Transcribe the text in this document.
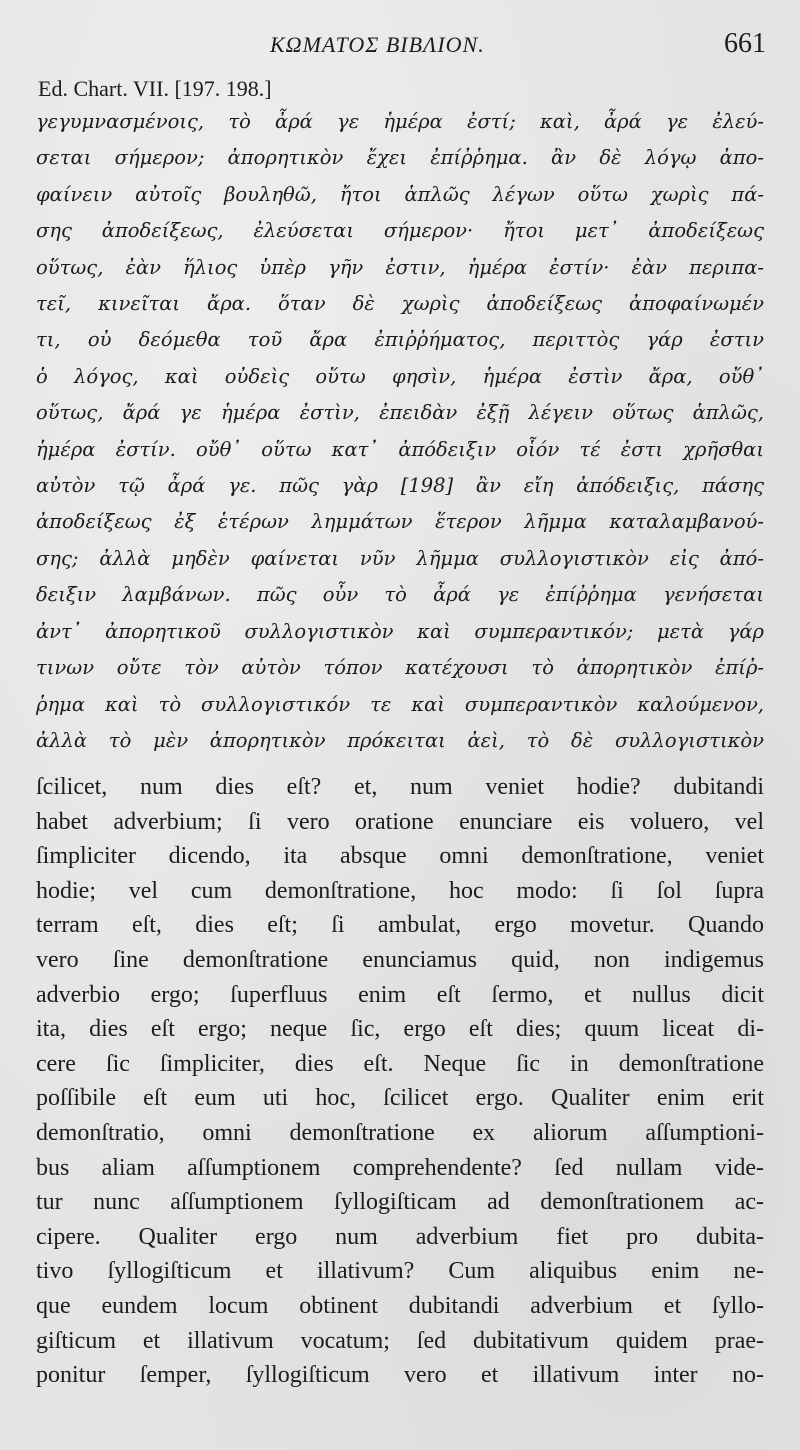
ΚΩΜΑΤΟΣ ΒΙΒΛΙΟΝ.	661
Ed. Chart. VII. [197. 198.]
γεγυμνασμένοις, τὸ ἆρά γε ἡμέρα ἐστί; καὶ, ἆρά γε ἐλεύ-
σεται σήμερον; ἀπορητικὸν ἔχει ἐπίῤῥημα. ἂν δὲ λόγῳ ἀπο-
φαίνειν αὐτοῖς βουληθῶ, ἤτοι ἁπλῶς λέγων οὕτω χωρὶς πά-
σης ἀποδείξεως, ἐλεύσεται σήμερον· ἤτοι μετ᾽ ἀποδείξεως
οὕτως, ἐὰν ἥλιος ὑπὲρ γῆν ἐστιν, ἡμέρα ἐστίν· ἐὰν περιπα-
τεῖ, κινεῖται ἄρα. ὅταν δὲ χωρὶς ἀποδείξεως ἀποφαίνωμέν
τι, οὐ δεόμεθα τοῦ ἄρα ἐπιῤῥήματος, περιττὸς γάρ ἐστιν
ὁ λόγος, καὶ οὐδεὶς οὕτω φησὶν, ἡμέρα ἐστὶν ἄρα, οὔθ᾽
οὕτως, ἄρά γε ἡμέρα ἐστὶν, ἐπειδὰν ἐξῇ λέγειν οὕτως ἁπλῶς,
ἡμέρα ἐστίν. οὔθ᾽ οὕτω κατ᾽ ἀπόδειξιν οἷόν τέ ἐστι χρῆσθαι
αὐτὸν τῷ ἆρά γε. πῶς γὰρ [198] ἂν εἴη ἀπόδειξις, πάσης
ἀποδείξεως ἐξ ἑτέρων λημμάτων ἕτερον λῆμμα καταλαμβανού-
σης; ἀλλὰ μηδὲν φαίνεται νῦν λῆμμα συλλογιστικὸν εἰς ἀπό-
δειξιν λαμβάνων. πῶς οὖν τὸ ἆρά γε ἐπίῤῥημα γενήσεται
ἀντ᾽ ἀπορητικοῦ συλλογιστικὸν καὶ συμπεραντικόν; μετὰ γάρ
τινων οὔτε τὸν αὐτὸν τόπον κατέχουσι τὸ ἀπορητικὸν ἐπίῤ-
ῥημα καὶ τὸ συλλογιστικόν τε καὶ συμπεραντικὸν καλούμενον,
ἀλλὰ τὸ μὲν ἀπορητικὸν πρόκειται ἀεὶ, τὸ δὲ συλλογιστικὸν
ſcilicet, num dies eſt? et, num veniet hodie? dubitandi
habet adverbium; ſi vero oratione enunciare eis voluero, vel
ſimpliciter dicendo, ita absque omni demonſtratione, veniet
hodie; vel cum demonſtratione, hoc modo: ſi ſol ſupra
terram eſt, dies eſt; ſi ambulat, ergo movetur. Quando
vero ſine demonſtratione enunciamus quid, non indigemus
adverbio ergo; ſuperfluus enim eſt ſermo, et nullus dicit
ita, dies eſt ergo; neque ſic, ergo eſt dies; quum liceat di-
cere ſic ſimpliciter, dies eſt. Neque ſic in demonſtratione
poſſibile eſt eum uti hoc, ſcilicet ergo. Qualiter enim erit
demonſtratio, omni demonſtratione ex aliorum aſſumptioni-
bus aliam aſſumptionem comprehendente? ſed nullam vide-
tur nunc aſſumptionem ſyllogiſticam ad demonſtrationem ac-
cipere. Qualiter ergo num adverbium fiet pro dubita-
tivo ſyllogiſticum et illativum? Cum aliquibus enim ne-
que eundem locum obtinent dubitandi adverbium et ſyllo-
giſticum et illativum vocatum; ſed dubitativum quidem prae-
ponitur ſemper, ſyllogiſticum vero et illativum inter no-
